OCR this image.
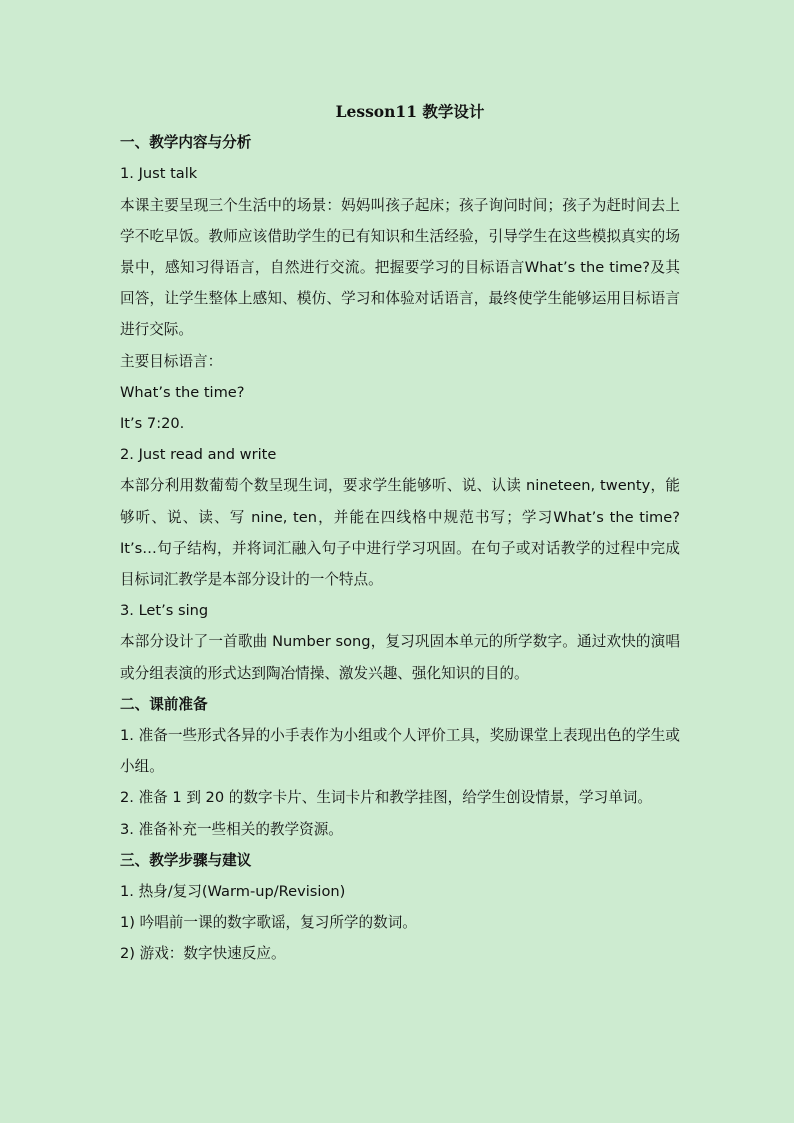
Lesson11 教学设计
一、教学内容与分析
1. Just talk
本课主要呈现三个生活中的场景：妈妈叫孩子起床；孩子询问时间；孩子为赶时间去上学不吃早饭。教师应该借助学生的已有知识和生活经验，引导学生在这些模拟真实的场景中，感知习得语言，自然进行交流。把握要学习的目标语言What’s the time?及其回答，让学生整体上感知、模仿、学习和体验对话语言，最终使学生能够运用目标语言进行交际。
主要目标语言：
What’s the time?
It’s 7:20.
2. Just read and write
本部分利用数葡萄个数呈现生词，要求学生能够听、说、认读 nineteen, twenty，能够听、说、读、写 nine, ten，并能在四线格中规范书写；学习What’s the time? It’s…句子结构，并将词汇融入句子中进行学习巩固。在句子或对话教学的过程中完成目标词汇教学是本部分设计的一个特点。
3. Let’s sing
本部分设计了一首歌曲 Number song，复习巩固本单元的所学数字。通过欢快的演唱或分组表演的形式达到陶冶情操、激发兴趣、强化知识的目的。
二、课前准备
1. 准备一些形式各异的小手表作为小组或个人评价工具，奖励课堂上表现出色的学生或小组。
2. 准备 1 到 20 的数字卡片、生词卡片和教学挂图，给学生创设情景，学习单词。
3. 准备补充一些相关的教学资源。
三、教学步骤与建议
1. 热身/复习(Warm-up/Revision)
1) 吟唱前一课的数字歌谣，复习所学的数词。
2) 游戏：数字快速反应。
